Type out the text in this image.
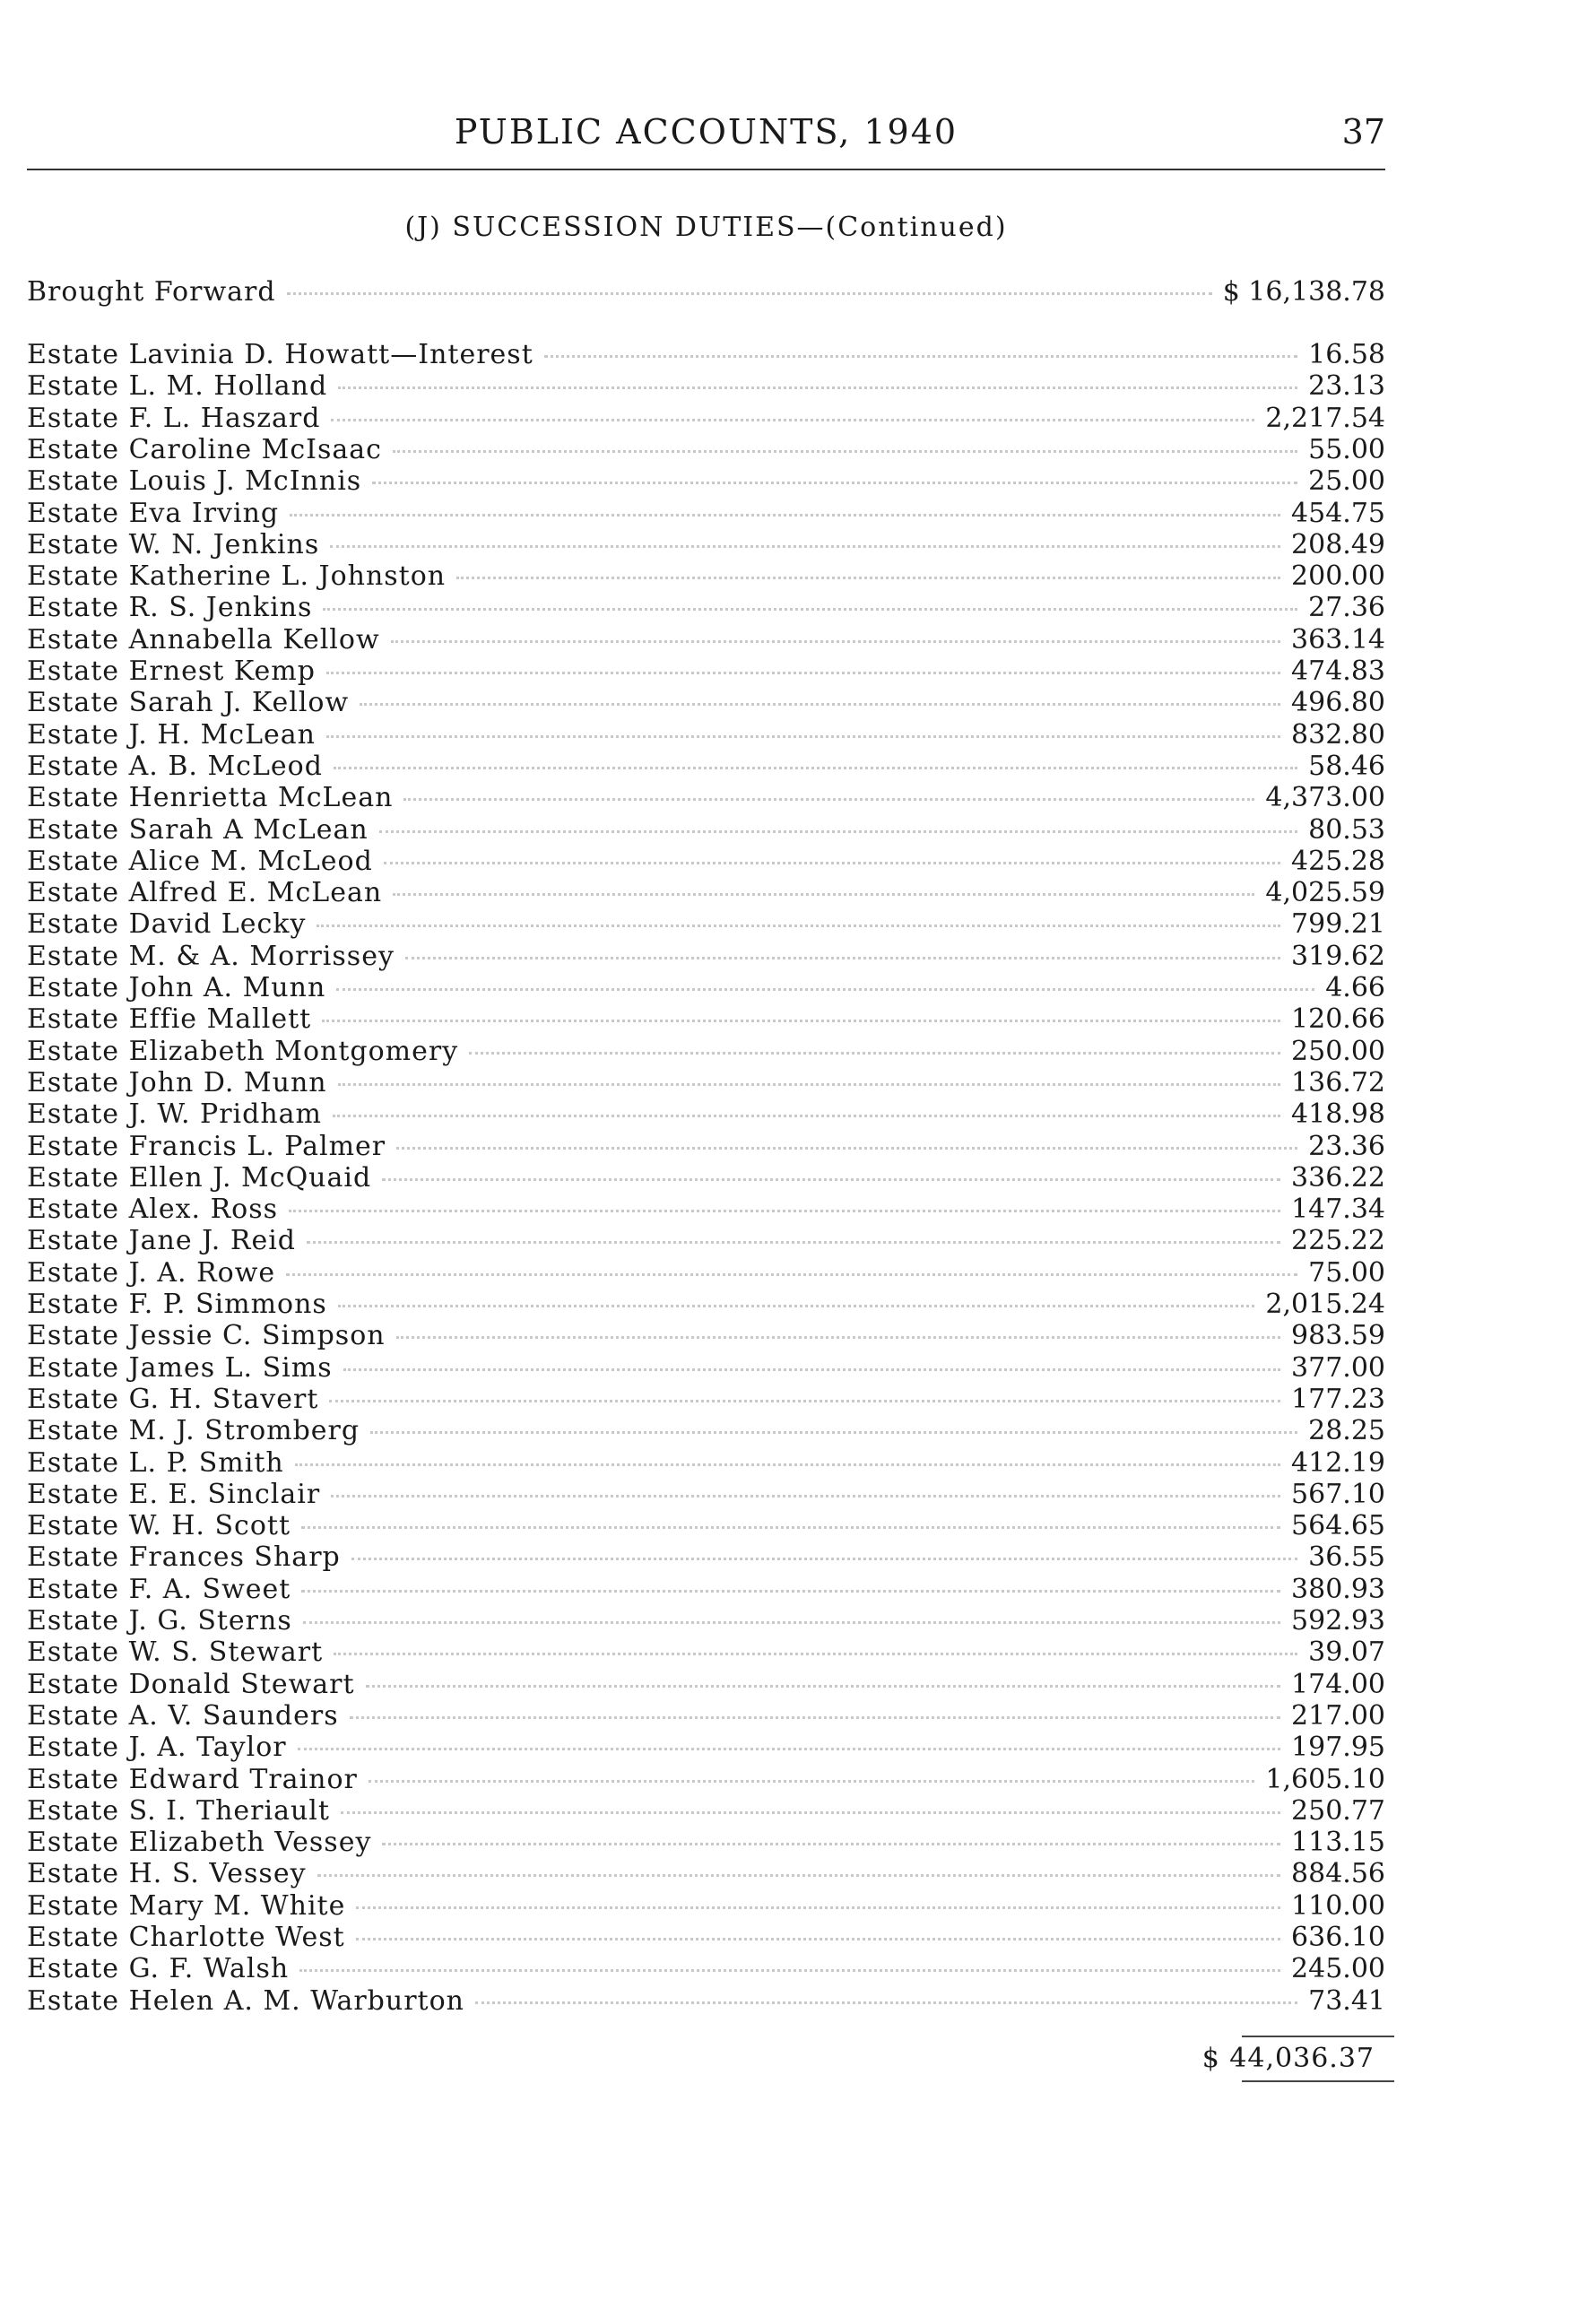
PUBLIC ACCOUNTS, 1940	37
(J) SUCCESSION DUTIES—(Continued)
Brought Forward	$ 16,138.78
Estate Lavinia D. Howatt—Interest	16.58
Estate L. M. Holland	23.13
Estate F. L. Haszard	2,217.54
Estate Caroline McIsaac	55.00
Estate Louis J. McInnis	25.00
Estate Eva Irving	454.75
Estate W. N. Jenkins	208.49
Estate Katherine L. Johnston	200.00
Estate R. S. Jenkins	27.36
Estate Annabella Kellow	363.14
Estate Ernest Kemp	474.83
Estate Sarah J. Kellow	496.80
Estate J. H. McLean	832.80
Estate A. B. McLeod	58.46
Estate Henrietta McLean	4,373.00
Estate Sarah A McLean	80.53
Estate Alice M. McLeod	425.28
Estate Alfred E. McLean	4,025.59
Estate David Lecky	799.21
Estate M. & A. Morrissey	319.62
Estate John A. Munn	4.66
Estate Effie Mallett	120.66
Estate Elizabeth Montgomery	250.00
Estate John D. Munn	136.72
Estate J. W. Pridham	418.98
Estate Francis L. Palmer	23.36
Estate Ellen J. McQuaid	336.22
Estate Alex. Ross	147.34
Estate Jane J. Reid	225.22
Estate J. A. Rowe	75.00
Estate F. P. Simmons	2,015.24
Estate Jessie C. Simpson	983.59
Estate James L. Sims	377.00
Estate G. H. Stavert	177.23
Estate M. J. Stromberg	28.25
Estate L. P. Smith	412.19
Estate E. E. Sinclair	567.10
Estate W. H. Scott	564.65
Estate Frances Sharp	36.55
Estate F. A. Sweet	380.93
Estate J. G. Sterns	592.93
Estate W. S. Stewart	39.07
Estate Donald Stewart	174.00
Estate A. V. Saunders	217.00
Estate J. A. Taylor	197.95
Estate Edward Trainor	1,605.10
Estate S. I. Theriault	250.77
Estate Elizabeth Vessey	113.15
Estate H. S. Vessey	884.56
Estate Mary M. White	110.00
Estate Charlotte West	636.10
Estate G. F. Walsh	245.00
Estate Helen A. M. Warburton	73.41
$ 44,036.37
